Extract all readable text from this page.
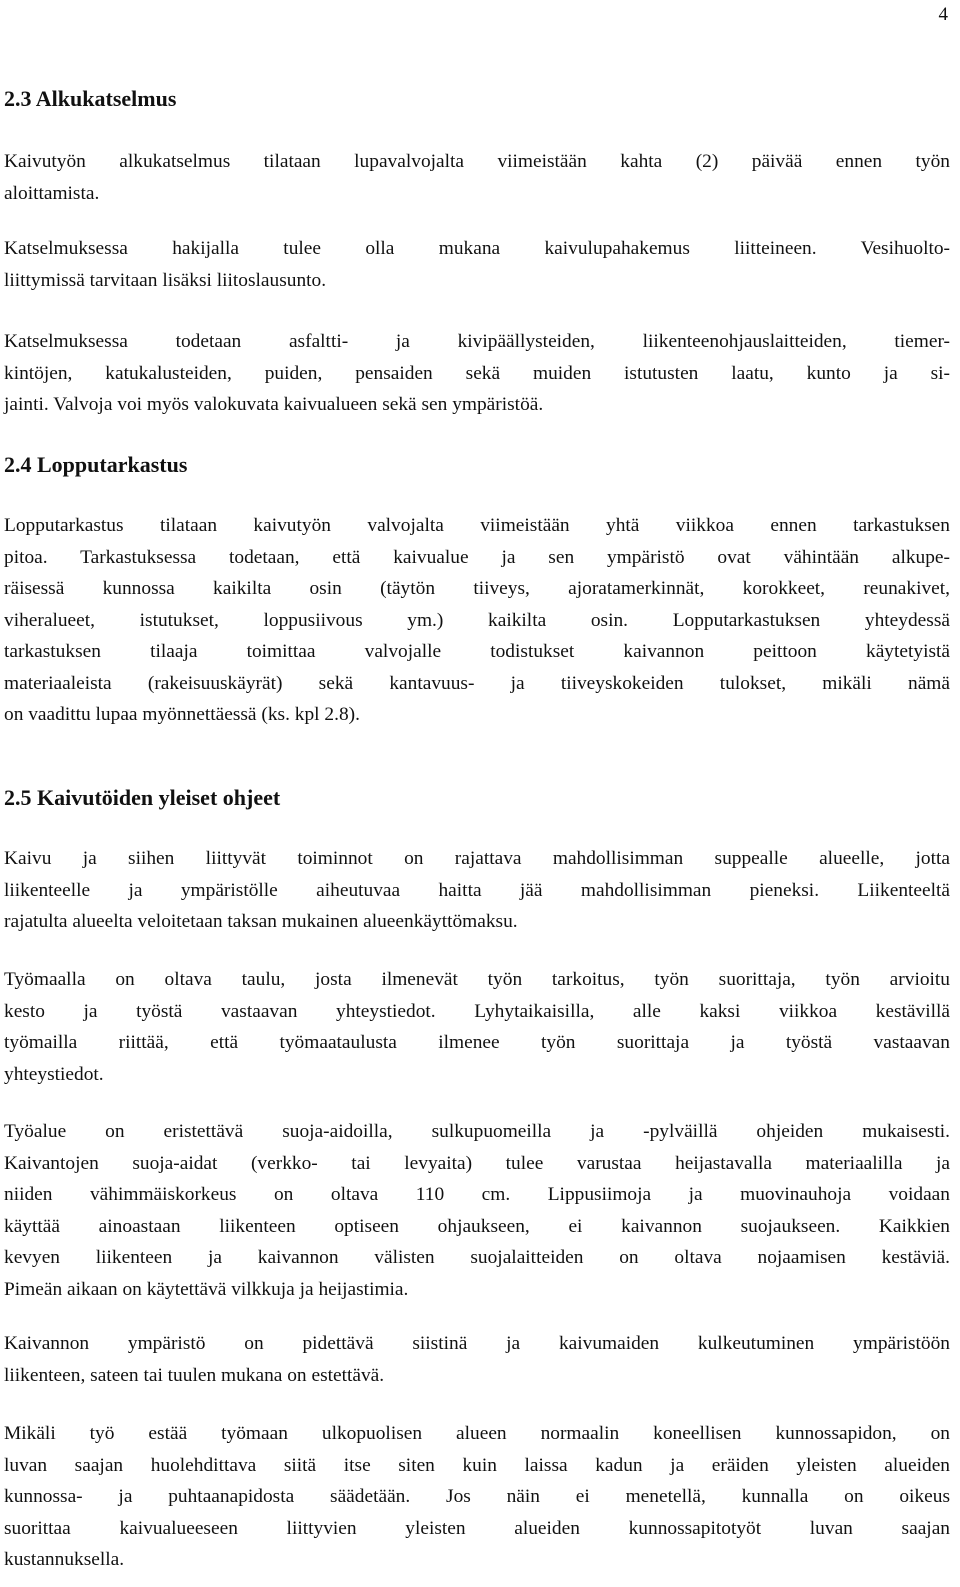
4
2.3 Alkukatselmus
Kaivutyön alkukatselmus tilataan lupavalvojalta viimeistään kahta (2) päivää ennen työn
aloittamista.
Katselmuksessa hakijalla tulee olla mukana kaivulupahakemus liitteineen. Vesihuolto-
liittymissä tarvitaan lisäksi liitoslausunto.
Katselmuksessa todetaan asfaltti- ja kivipäällysteiden, liikenteenohjauslaitteiden, tiemer-
kintöjen, katukalusteiden, puiden, pensaiden sekä muiden istutusten laatu, kunto ja si-
jainti. Valvoja voi myös valokuvata kaivualueen sekä sen ympäristöä.
2.4 Lopputarkastus
Lopputarkastus tilataan kaivutyön valvojalta viimeistään yhtä viikkoa ennen tarkastuksen
pitoa. Tarkastuksessa todetaan, että kaivualue ja sen ympäristö ovat vähintään alkupe-
räisessä kunnossa kaikilta osin (täytön tiiveys, ajoratamerkinnät, korokkeet, reunakivet,
viheralueet, istutukset, loppusiivous ym.) kaikilta osin. Lopputarkastuksen yhteydessä
tarkastuksen tilaaja toimittaa valvojalle todistukset kaivannon peittoon käytetyistä
materiaaleista (rakeisuuskäyrät) sekä kantavuus- ja tiiveyskokeiden tulokset, mikäli nämä
on vaadittu lupaa myönnettäessä (ks. kpl 2.8).
2.5 Kaivutöiden yleiset ohjeet
Kaivu ja siihen liittyvät toiminnot on rajattava mahdollisimman suppealle alueelle, jotta
liikenteelle ja ympäristölle aiheutuvaa haitta jää mahdollisimman pieneksi. Liikenteeltä
rajatulta alueelta veloitetaan taksan mukainen alueenkäyttömaksu.
Työmaalla on oltava taulu, josta ilmenevät työn tarkoitus, työn suorittaja, työn arvioitu
kesto ja työstä vastaavan yhteystiedot. Lyhytaikaisilla, alle kaksi viikkoa kestävillä
työmailla riittää, että työmaataulusta ilmenee työn suorittaja ja työstä vastaavan
yhteystiedot.
Työalue on eristettävä suoja-aidoilla, sulkupuomeilla ja -pylväillä ohjeiden mukaisesti.
Kaivantojen suoja-aidat (verkko- tai levyaita) tulee varustaa heijastavalla materiaalilla ja
niiden vähimmäiskorkeus on oltava 110 cm. Lippusiimoja ja muovinauhoja voidaan
käyttää ainoastaan liikenteen optiseen ohjaukseen, ei kaivannon suojaukseen. Kaikkien
kevyen liikenteen ja kaivannon välisten suojalaitteiden on oltava nojaamisen kestäviä.
Pimeän aikaan on käytettävä vilkkuja ja heijastimia.
Kaivannon ympäristö on pidettävä siistinä ja kaivumaiden kulkeutuminen ympäristöön
liikenteen, sateen tai tuulen mukana on estettävä.
Mikäli työ estää työmaan ulkopuolisen alueen normaalin koneellisen kunnossapidon, on
luvan saajan huolehdittava siitä itse siten kuin laissa kadun ja eräiden yleisten alueiden
kunnossa- ja puhtaanapidosta säädetään. Jos näin ei menetellä, kunnalla on oikeus
suorittaa kaivualueeseen liittyvien yleisten alueiden kunnossapitotyöt luvan saajan
kustannuksella.
